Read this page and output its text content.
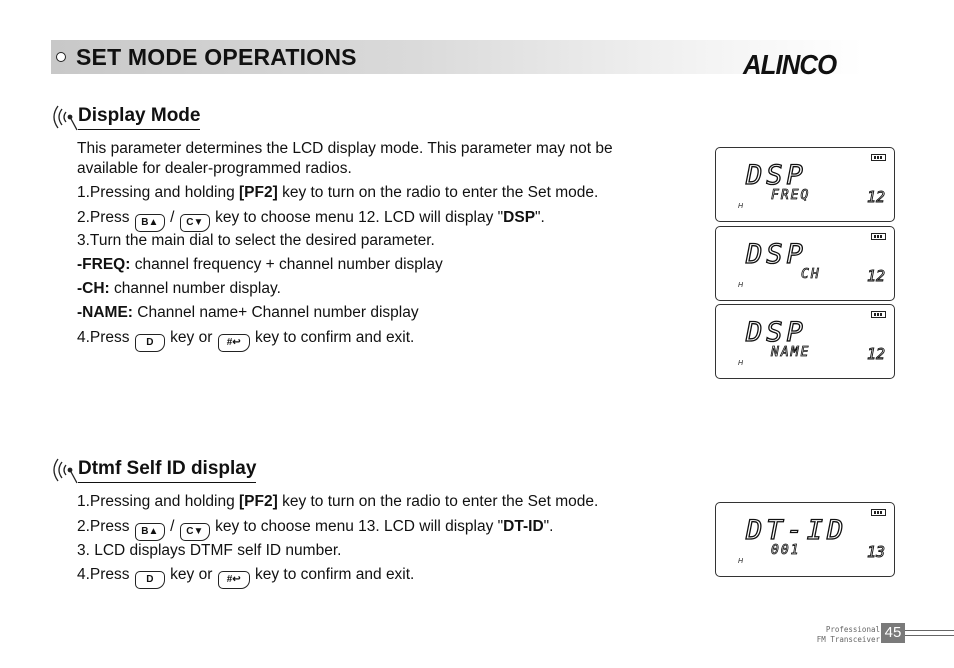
SET MODE OPERATIONS	ALINCO
Display Mode
This parameter determines the LCD display mode. This parameter may not be
available for dealer-programmed radios.
1.Pressing and holding [PF2] key to turn on the radio to enter the Set mode.
2.Press B▲ / C▼ key to choose menu 12. LCD will display "DSP".
3.Turn the main dial to select the desired parameter.
-FREQ: channel frequency + channel number display
-CH: channel number display.
-NAME: Channel name+ Channel number display
4.Press D key or #↩ key to confirm and exit.
DSP
H
FREQ	12
DSP
H
CH	12
DSP
H
NAME	12
Dtmf Self ID display
1.Pressing and holding [PF2] key to turn on the radio to enter the Set mode.
2.Press B▲ / C▼ key to choose menu 13. LCD will display "DT-ID".
3. LCD displays DTMF self ID number.
4.Press D key or #↩ key to confirm and exit.
DT-ID
H
001	13
Professional
FM Transceiver 45
